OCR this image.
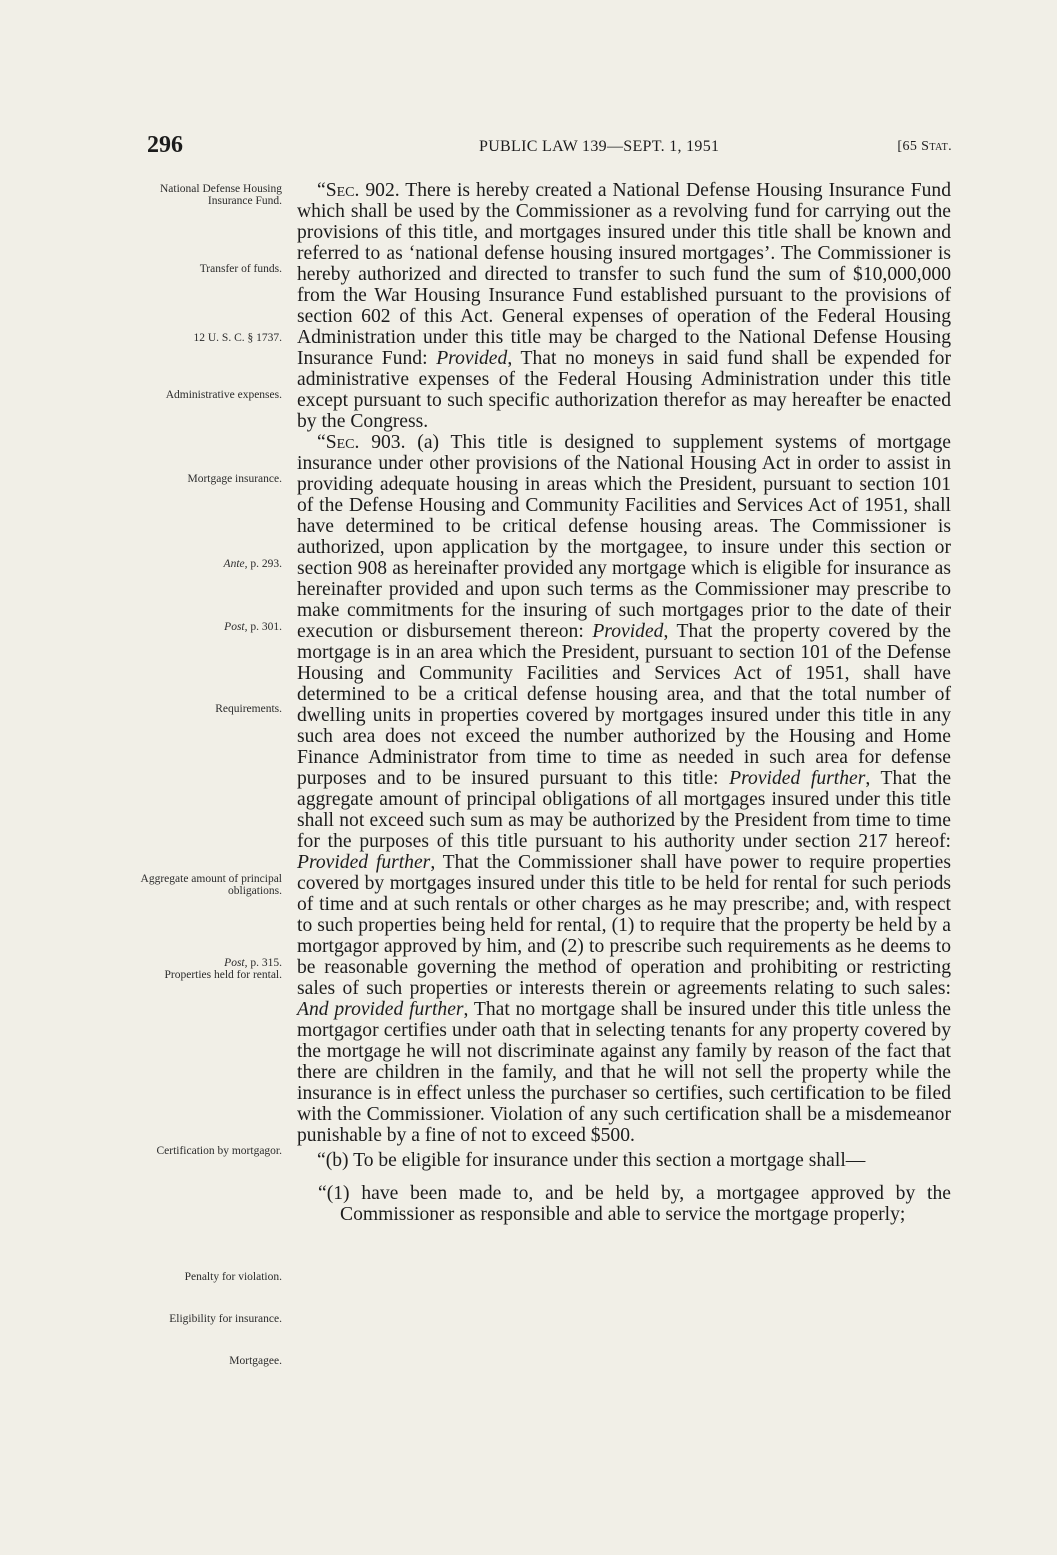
296	PUBLIC LAW 139—SEPT. 1, 1951	[65 Stat.
National Defense Housing Insurance Fund.
Transfer of funds.
12 U. S. C. § 1737.
Administrative expenses.
Mortgage insurance.
Ante, p. 293.
Post, p. 301.
Requirements.
Aggregate amount of principal obligations.
Post, p. 315.
Properties held for rental.
Certification by mortgagor.
Penalty for violation.
Eligibility for insurance.
Mortgagee.

“Sec. 902. There is hereby created a National Defense Housing Insurance Fund which shall be used by the Commissioner as a revolving fund for carrying out the provisions of this title, and mortgages insured under this title shall be known and referred to as ‘national defense housing insured mortgages’. The Commissioner is hereby authorized and directed to transfer to such fund the sum of $10,000,000 from the War Housing Insurance Fund established pursuant to the provisions of section 602 of this Act. General expenses of operation of the Federal Housing Administration under this title may be charged to the National Defense Housing Insurance Fund: Provided, That no moneys in said fund shall be expended for administrative expenses of the Federal Housing Administration under this title except pursuant to such specific authorization therefor as may hereafter be enacted by the Congress.

“Sec. 903. (a) This title is designed to supplement systems of mortgage insurance under other provisions of the National Housing Act in order to assist in providing adequate housing in areas which the President, pursuant to section 101 of the Defense Housing and Community Facilities and Services Act of 1951, shall have determined to be critical defense housing areas. The Commissioner is authorized, upon application by the mortgagee, to insure under this section or section 908 as hereinafter provided any mortgage which is eligible for insurance as hereinafter provided and upon such terms as the Commissioner may prescribe to make commitments for the insuring of such mortgages prior to the date of their execution or disbursement thereon: Provided, That the property covered by the mortgage is in an area which the President, pursuant to section 101 of the Defense Housing and Community Facilities and Services Act of 1951, shall have determined to be a critical defense housing area, and that the total number of dwelling units in properties covered by mortgages insured under this title in any such area does not exceed the number authorized by the Housing and Home Finance Administrator from time to time as needed in such area for defense purposes and to be insured pursuant to this title: Provided further, That the aggregate amount of principal obligations of all mortgages insured under this title shall not exceed such sum as may be authorized by the President from time to time for the purposes of this title pursuant to his authority under section 217 hereof: Provided further, That the Commissioner shall have power to require properties covered by mortgages insured under this title to be held for rental for such periods of time and at such rentals or other charges as he may prescribe; and, with respect to such properties being held for rental, (1) to require that the property be held by a mortgagor approved by him, and (2) to prescribe such requirements as he deems to be reasonable governing the method of operation and prohibiting or restricting sales of such properties or interests therein or agreements relating to such sales: And provided further, That no mortgage shall be insured under this title unless the mortgagor certifies under oath that in selecting tenants for any property covered by the mortgage he will not discriminate against any family by reason of the fact that there are children in the family, and that he will not sell the property while the insurance is in effect unless the purchaser so certifies, such certification to be filed with the Commissioner. Violation of any such certification shall be a misdemeanor punishable by a fine of not to exceed $500.

“(b) To be eligible for insurance under this section a mortgage shall—

“(1) have been made to, and be held by, a mortgagee approved by the Commissioner as responsible and able to service the mortgage properly;
